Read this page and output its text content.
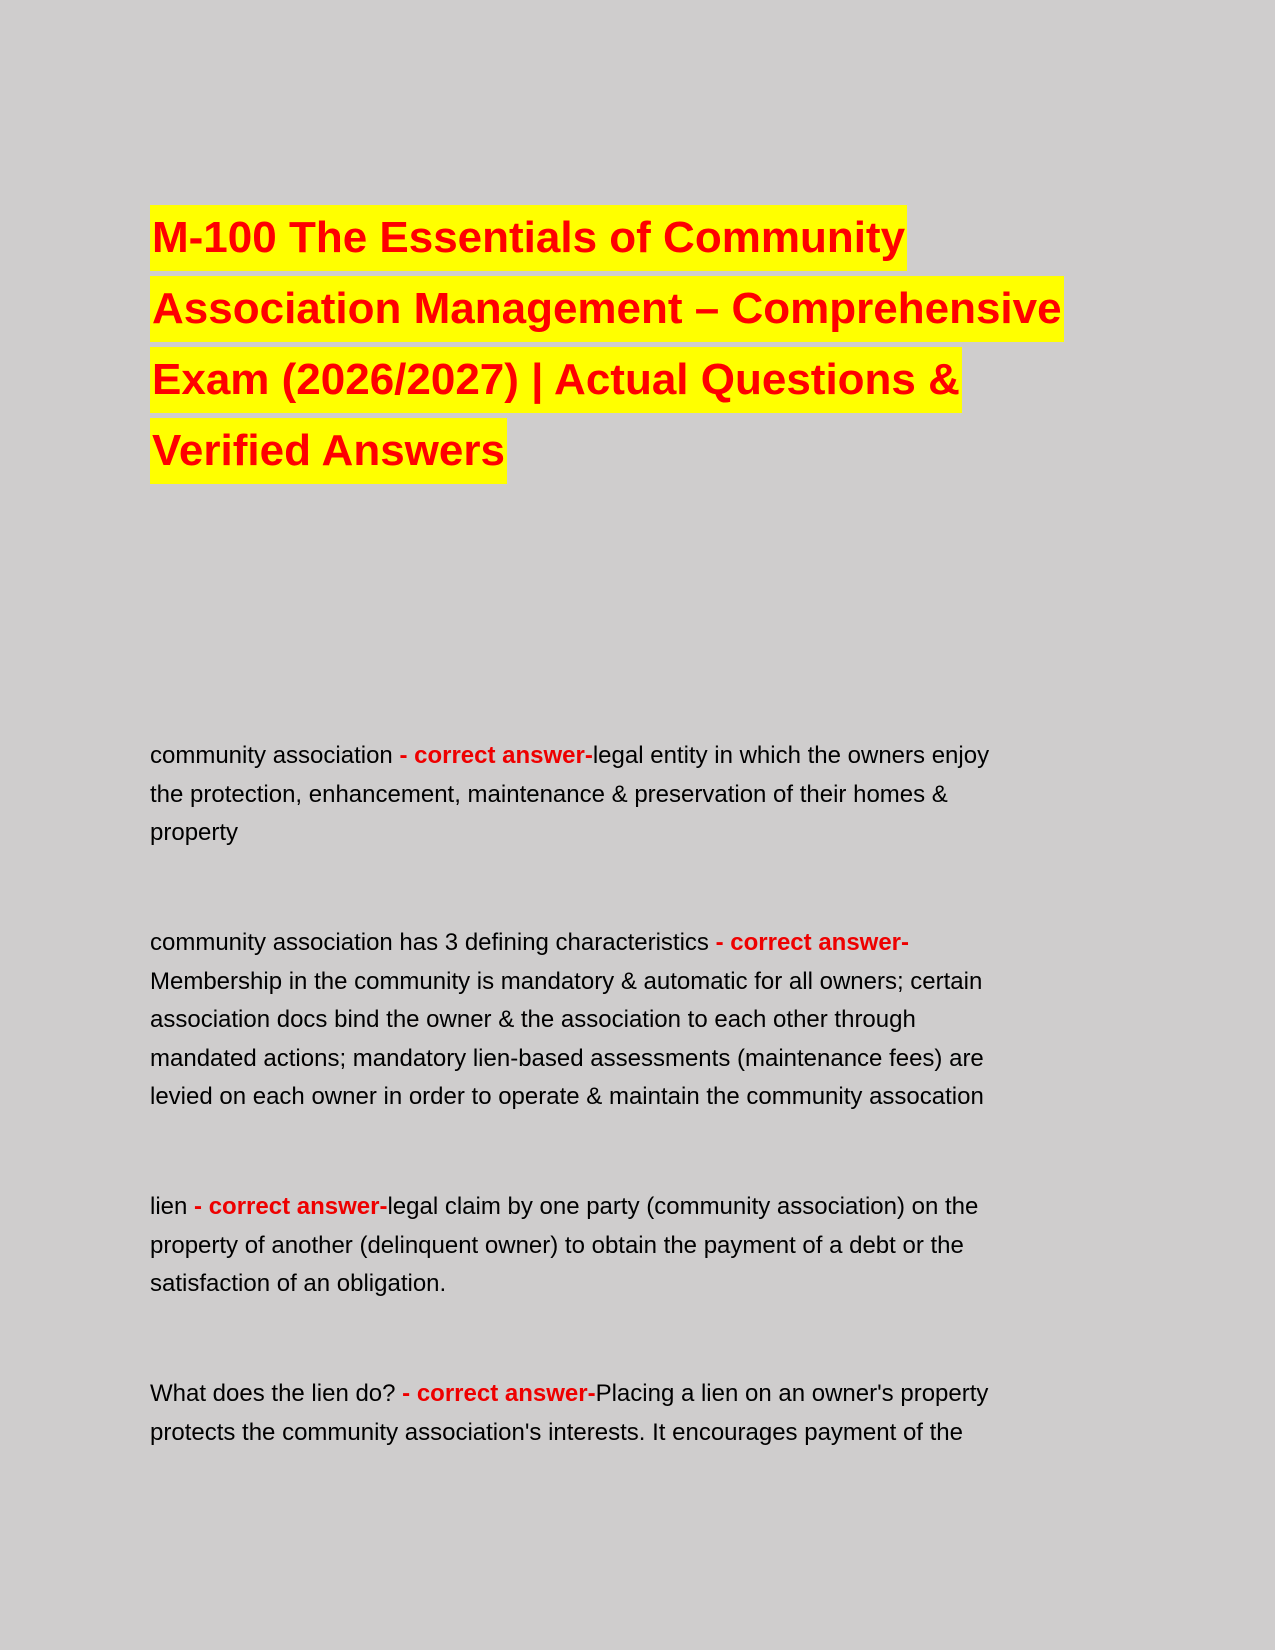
M-100 The Essentials of Community
Association Management – Comprehensive
Exam (2026/2027) | Actual Questions &
Verified Answers
community association - correct answer-legal entity in which the owners enjoy
the protection, enhancement, maintenance & preservation of their homes &
property
community association has 3 defining characteristics - correct answer-
Membership in the community is mandatory & automatic for all owners; certain
association docs bind the owner & the association to each other through
mandated actions; mandatory lien-based assessments (maintenance fees) are
levied on each owner in order to operate & maintain the community assocation
lien - correct answer-legal claim by one party (community association) on the
property of another (delinquent owner) to obtain the payment of a debt or the
satisfaction of an obligation.
What does the lien do? - correct answer-Placing a lien on an owner's property
protects the community association's interests. It encourages payment of the
